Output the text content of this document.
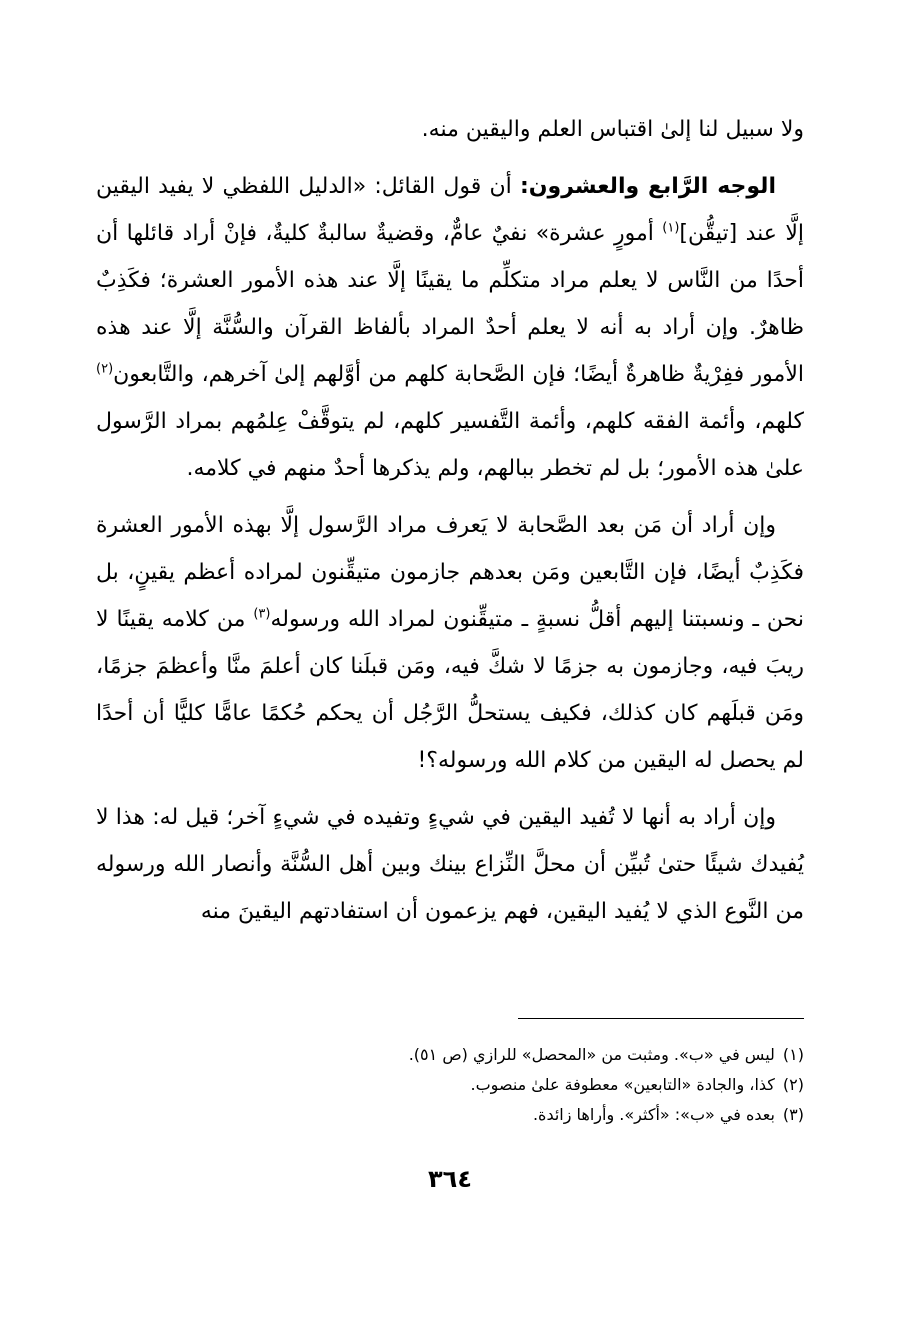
ولا سبيل لنا إلىٰ اقتباس العلم واليقين منه.

الوجه الرَّابع والعشرون: أن قول القائل: «الدليل اللفظي لا يفيد اليقين إلَّا عند [تيقُّن]$^{(١)}$ أمورٍ عشرة» نفيٌ عامٌّ، وقضيةٌ سالبةٌ كليةٌ، فإنْ أراد قائلها أن أحدًا من النَّاس لا يعلم مراد متكلِّم ما يقينًا إلَّا عند هذه الأمور العشرة؛ فكَذِبٌ ظاهرٌ. وإن أراد به أنه لا يعلم أحدٌ المراد بألفاظ القرآن والسُّنَّة إلَّا عند هذه الأمور ففِرْيةٌ ظاهرةٌ أيضًا؛ فإن الصَّحابة كلهم من أوَّلهم إلىٰ آخرهم، والتَّابعون$^{(٢)}$ كلهم، وأئمة الفقه كلهم، وأئمة التَّفسير كلهم، لم يتوقَّفْ عِلمُهم بمراد الرَّسول علىٰ هذه الأمور؛ بل لم تخطر ببالهم، ولم يذكرها أحدٌ منهم في كلامه.

وإن أراد أن مَن بعد الصَّحابة لا يَعرف مراد الرَّسول إلَّا بهذه الأمور العشرة فكَذِبٌ أيضًا، فإن التَّابعين ومَن بعدهم جازمون متيقِّنون لمراده أعظم يقينٍ، بل نحن ـ ونسبتنا إليهم أقلُّ نسبةٍ ـ متيقِّنون لمراد الله ورسوله$^{(٣)}$ من كلامه يقينًا لا ريبَ فيه، وجازمون به جزمًا لا شكَّ فيه، ومَن قبلَنا كان أعلمَ منَّا وأعظمَ جزمًا، ومَن قبلَهم كان كذلك، فكيف يستحلُّ الرَّجُل أن يحكم حُكمًا عامًّا كليًّا أن أحدًا لم يحصل له اليقين من كلام الله ورسوله؟!

وإن أراد به أنها لا تُفيد اليقين في شيءٍ وتفيده في شيءٍ آخر؛ قيل له: هذا لا يُفيدك شيئًا حتىٰ تُبيِّن أن محلَّ النِّزاع بينك وبين أهل السُّنَّة وأنصار الله ورسوله من النَّوع الذي لا يُفيد اليقين، فهم يزعمون أن استفادتهم اليقينَ منه

(١)ليس في «ب». ومثبت من «المحصل» للرازي (ص ٥١).

(٢)كذا، والجادة «التابعين» معطوفة علىٰ منصوب.

(٣)بعده في «ب»: «أكثر». وأراها زائدة.

٣٦٤
